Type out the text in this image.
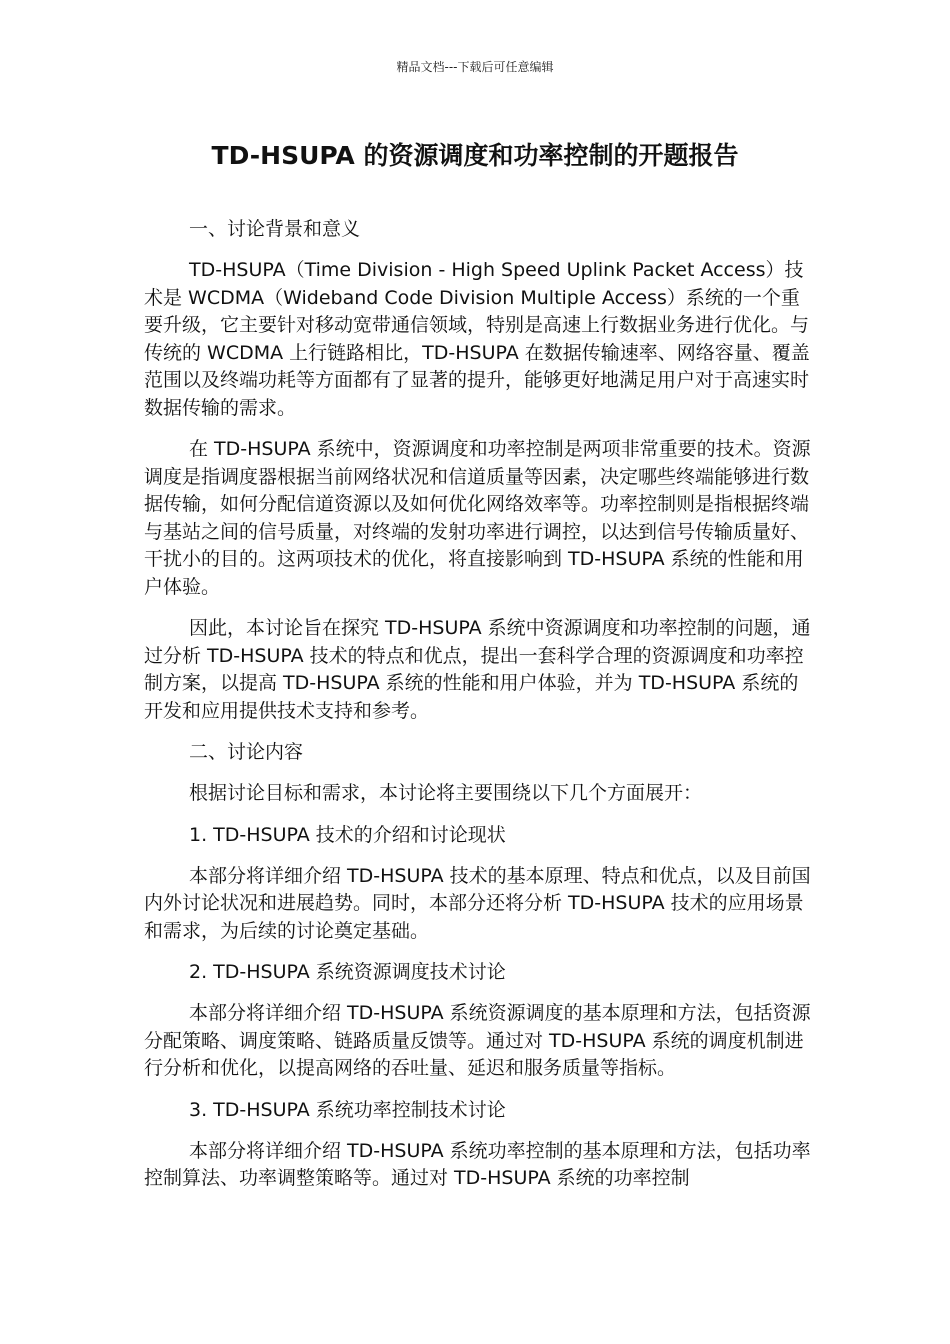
精品文档---下载后可任意编辑
TD-HSUPA 的资源调度和功率控制的开题报告
一、讨论背景和意义
TD-HSUPA（Time Division - High Speed Uplink Packet Access）技术是 WCDMA（Wideband Code Division Multiple Access）系统的一个重要升级，它主要针对移动宽带通信领域，特别是高速上行数据业务进行优化。与传统的 WCDMA 上行链路相比，TD-HSUPA 在数据传输速率、网络容量、覆盖范围以及终端功耗等方面都有了显著的提升，能够更好地满足用户对于高速实时数据传输的需求。
在 TD-HSUPA 系统中，资源调度和功率控制是两项非常重要的技术。资源调度是指调度器根据当前网络状况和信道质量等因素，决定哪些终端能够进行数据传输，如何分配信道资源以及如何优化网络效率等。功率控制则是指根据终端与基站之间的信号质量，对终端的发射功率进行调控，以达到信号传输质量好、干扰小的目的。这两项技术的优化，将直接影响到 TD-HSUPA 系统的性能和用户体验。
因此，本讨论旨在探究 TD-HSUPA 系统中资源调度和功率控制的问题，通过分析 TD-HSUPA 技术的特点和优点，提出一套科学合理的资源调度和功率控制方案，以提高 TD-HSUPA 系统的性能和用户体验，并为 TD-HSUPA 系统的开发和应用提供技术支持和参考。
二、讨论内容
根据讨论目标和需求，本讨论将主要围绕以下几个方面展开：
1. TD-HSUPA 技术的介绍和讨论现状
本部分将详细介绍 TD-HSUPA 技术的基本原理、特点和优点，以及目前国内外讨论状况和进展趋势。同时，本部分还将分析 TD-HSUPA 技术的应用场景和需求，为后续的讨论奠定基础。
2. TD-HSUPA 系统资源调度技术讨论
本部分将详细介绍 TD-HSUPA 系统资源调度的基本原理和方法，包括资源分配策略、调度策略、链路质量反馈等。通过对 TD-HSUPA 系统的调度机制进行分析和优化，以提高网络的吞吐量、延迟和服务质量等指标。
3. TD-HSUPA 系统功率控制技术讨论
本部分将详细介绍 TD-HSUPA 系统功率控制的基本原理和方法，包括功率控制算法、功率调整策略等。通过对 TD-HSUPA 系统的功率控制
